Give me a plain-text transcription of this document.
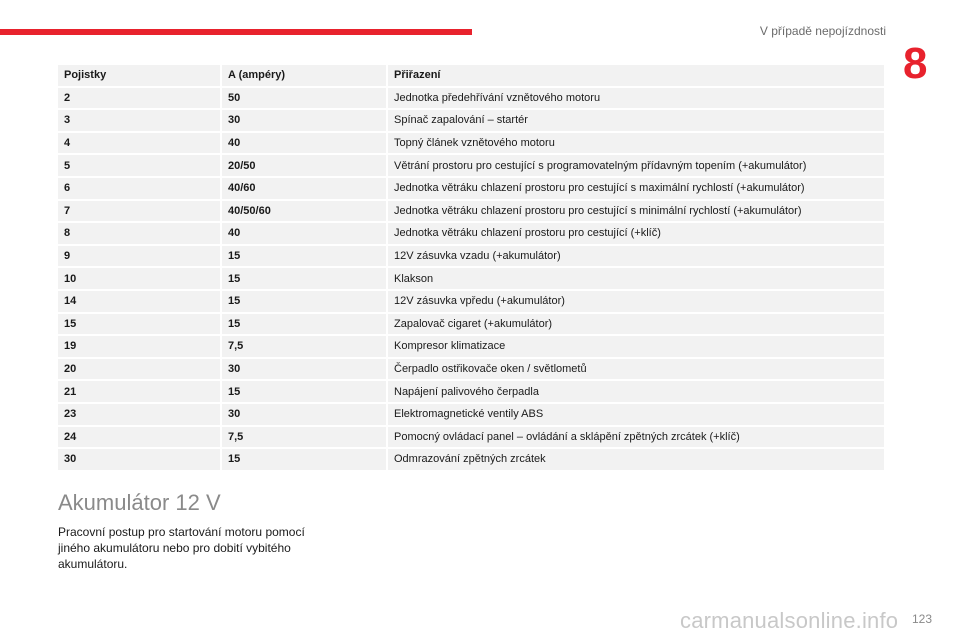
V případě nepojízdnosti
8
Pojistky	A (ampéry)	Přiřazení
2	50	Jednotka předehřívání vznětového motoru
3	30	Spínač zapalování – startér
4	40	Topný článek vznětového motoru
5	20/50	Větrání prostoru pro cestující s programovatelným přídavným topením (+akumulátor)
6	40/60	Jednotka větráku chlazení prostoru pro cestující s maximální rychlostí (+akumulátor)
7	40/50/60	Jednotka větráku chlazení prostoru pro cestující s minimální rychlostí (+akumulátor)
8	40	Jednotka větráku chlazení prostoru pro cestující (+klíč)
9	15	12V zásuvka vzadu (+akumulátor)
10	15	Klakson
14	15	12V zásuvka vpředu (+akumulátor)
15	15	Zapalovač cigaret (+akumulátor)
19	7,5	Kompresor klimatizace
20	30	Čerpadlo ostřikovače oken / světlometů
21	15	Napájení palivového čerpadla
23	30	Elektromagnetické ventily ABS
24	7,5	Pomocný ovládací panel – ovládání a sklápění zpětných zrcátek (+klíč)
30	15	Odmrazování zpětných zrcátek
Akumulátor 12 V

Pracovní postup pro startování motoru pomocí jiného akumulátoru nebo pro dobití vybitého akumulátoru.

carmanualsonline.info 123
